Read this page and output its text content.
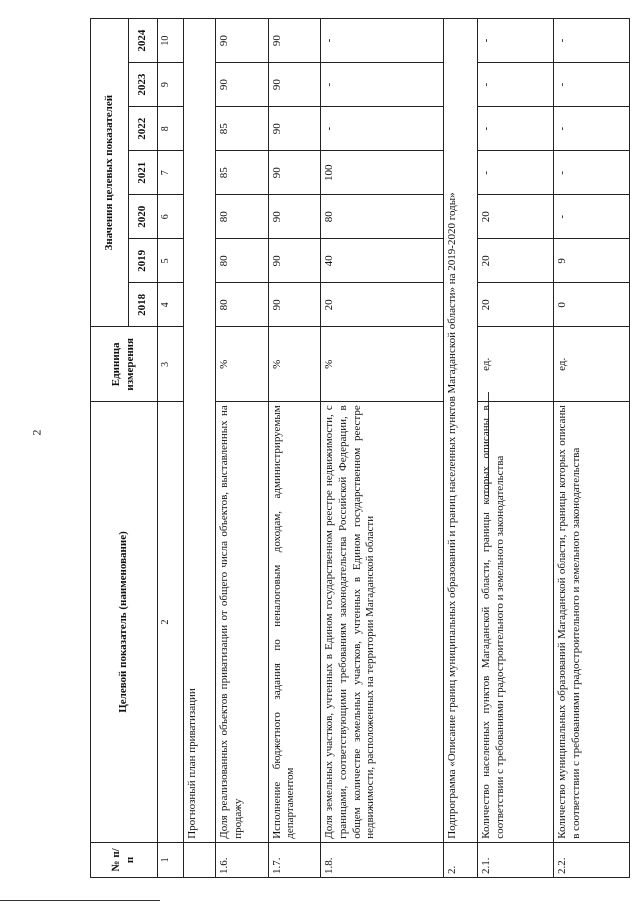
2
№ п/п	Целевой показатель (наименование)	Единица измерения	Значения целевых показателей						
			2018	2019	2020	2021	2022	2023	2024
1	2	3	4	5	6	7	8	9	10
	Прогнозный план приватизации								
1.6.	Доля реализованных объектов приватизации от общего числа объектов, выставленных на продажу	%	80	80	80	85	85	90	90
1.7.	Исполнение бюджетного задания по неналоговым доходам, администрируемым департаментом	%	90	90	90	90	90	90	90
1.8.	Доля земельных участков, учтенных в Едином государственном реестре недвижимости, с границами, соответствующими требованиям законодательства Российской Федерации, в общем количестве земельных участков, учтенных в Едином государственном реестре недвижимости, расположенных на территории Магаданской области	%	20	40	80	100	-	-	-
2.	Подпрограмма «Описание границ муниципальных образований и границ населенных пунктов Магаданской области» на 2019-2020 годы»								
2.1.	Количество населенных пунктов Магаданской области, границы которых описаны в соответствии с требованиями градостроительного и земельного законодательства	ед.	20	20	20	-	-	-	-
2.2.	Количество муниципальных образований Магаданской области, границы которых описаны в соответствии с требованиями градостроительного и земельного законодательства	ед.	0	9	-	-	-	-	-
